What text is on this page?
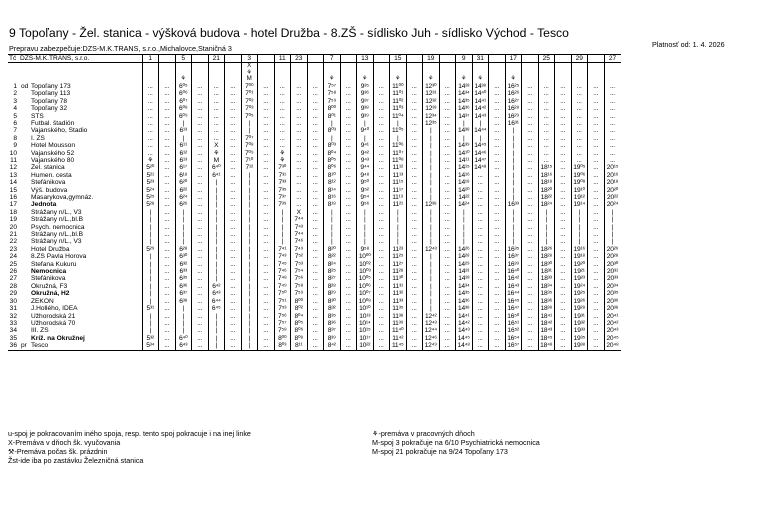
9 Topoľany - Žel. stanica - výšková budova - hotel Družba - 8.ZŠ - sídlisko Juh - sídlisko Východ - Tesco
Prepravu zabezpečuje:DZS-M.K.TRANS, s.r.o.,Michalovce,Staničná 3	Platnosť od: 1. 4. 2026
Tč	DZS-M.K.TRANS, s.r.o.		1		5		21		3		11	23		7		13		15		19		9	31		17		25		29		27
					⚘				X
⚘
M					⚘		⚘		⚘		⚘		⚘	⚘		⚘						
1	od	Topoľany 173	...	...	6⁰⁵	...	...	...	7⁰⁰	...	...	...	...	7⁵⁷	...	9³⁵	...	11⁰⁰	...	12³⁰	...	14³³	14³⁸	...	16²⁵	...	...	...	...	...	...
2		Topoľany 113	...	...	6⁰⁶	...	...	...	7⁰¹	...	...	...	...	7⁵⁸	...	9³⁶	...	11⁰¹	...	12³¹	...	14³⁴	14⁴⁰	...	16²⁶	...	...	...	...	...	...
3		Topoľany 78	...	...	6⁰⁷	...	...	...	7⁰²	...	...	...	...	7⁵⁹	...	9³⁷	...	11⁰²	...	12³²	...	14³⁵	14⁴¹	...	16²⁷	...	...	...	...	...	...
4		Topoľany 32	...	...	6⁰⁸	...	...	...	7⁰³	...	...	...	...	8⁰⁰	...	9³⁸	...	11⁰³	...	12³³	...	14³⁶	14⁴²	...	16²⁸	...	...	...	...	...	...
5		STS	...	...	6⁰⁹	...	...	...	7⁰⁵	...	...	...	...	8⁰¹	...	9³⁹	...	11⁰⁴	...	12³⁴	...	14³⁷	14⁴³	...	16²⁹	...	...	...	...	...	...
6		Futbal. štadión	...	...	|	...	...	...	|	...	...	...	...	|	...	|	...	|	...	12³⁵	...	|	|	...	16³¹	...	...	...	...	...	...
7		Vajanského, Stadio	...	...	6¹³	...	...	...	|	...	...	...	...	8⁰³	...	9⁴⁰	...	11⁰⁵	...	|	...	14³⁸	14⁴⁴	...	|	...	...	...	...	...	...
8		I. ZŠ	...	...	|	...	...	...	7⁰⁷	...	...	...	...	|	...	|	...	|	...	|	...	|	|	...	|	...	...	...	...	...	...
9		Hotel Mousson	...	...	6¹¹	...	X	...	7⁰⁸	...	...	...	...	8⁰³	...	9⁴¹	...	11⁰⁶	...	|	...	14³⁹	14⁴⁵	...	|	...	...	...	...	...	...
10		Vajanského 52	...	...	6¹²	...	⚘	...	7⁰⁹	...	⚘	...	...	8⁰⁴	...	9⁴²	...	11⁰⁷	...	|	...	14¹⁰	14⁴⁶	...	|	...	...	...	...	...	...
11		Vajanského 80	⚘	...	6¹³	...	M	...	7¹⁰	...	⚘	...	...	8⁰⁵	...	9⁴³	...	11⁰⁸	...	|	...	14¹¹	14⁴⁷	...	|	...	...	...	...	...	...
12		Žel. stanica	5²⁰	...	6¹⁷	...	6⁴⁰	...	7¹²	...	7³⁰	...	...	8⁰⁶	...	9⁴⁴	...	11¹²	...	|	...	14¹⁵	14⁴⁸	...	|	...	18¹⁵	...	19⁰⁵	...	20¹⁵
13		Humen. cesta	5²¹	...	6¹⁸	...	6⁴¹	...	|	...	7³¹	...	...	8¹⁰	...	9⁴⁸	...	11¹³	...	|	...	14¹⁶	...	...	|	...	18¹⁶	...	19⁰⁶	...	20¹⁶
14		Štefánikova	5²³	...	6²⁰	...	|	...	|	...	7³³	...	...	8¹²	...	9⁵⁰	...	11¹⁵	...	|	...	14¹⁸	...	...	|	...	18¹⁸	...	19⁰⁸	...	20¹⁸
15		Výš. budova	5²⁴	...	6²²	...	|	...	|	...	7³⁵	...	...	8¹⁴	...	9⁵²	...	11¹⁷	...	|	...	14²⁰	...	...	|	...	18²⁰	...	19¹⁰	...	20²⁰
16		Masarykova,gymnáz.	5²⁵	...	6²⁴	...	|	...	|	...	7³⁷	...	...	8¹⁶	...	9⁵⁴	...	11¹⁹	...	|	...	14²²	...	...	|	...	18²²	...	19¹²	...	20²²
17		Jednota	5²⁸	...	6²⁶	...	|	...	|	...	7³⁹	...	...	8¹⁸	...	9⁵⁶	...	11²¹	...	12³⁸	...	14²⁴	...	...	16³³	...	18²⁴	...	19¹⁴	...	20²⁴
18		Strážany n/L., V3	|	...	|	...	|	...	|	...	|	X	...	|	...	|	...	|	...	|	...	|	...	...	|	...	|	...	|	...	|
19		Strážany n/L.,bl.B	|	...	|	...	|	...	|	...	|	7⁴⁴	...	|	...	|	...	|	...	|	...	|	...	...	|	...	|	...	|	...	|
20		Psych. nemocnica	|	...	|	...	|	...	|	...	|	7⁴³	...	|	...	|	...	|	...	|	...	|	...	...	|	...	|	...	|	...	|
21		Strážany n/L.,bl.B	|	...	|	...	|	...	|	...	|	7⁴⁴	...	|	...	|	...	|	...	|	...	|	...	...	|	...	|	...	|	...	|
22		Strážany n/L., V3	|	...	|	...	|	...	|	...	|	7⁴⁶	...	|	...	|	...	|	...	|	...	|	...	...	|	...	|	...	|	...	|
23		Hotel Družba	5²⁹	...	6²⁸	...	|	...	|	...	7⁴¹	7⁴⁹	...	8²⁰	...	9⁵⁸	...	11²³	...	12⁴³	...	14²⁶	...	...	16³⁵	...	18²⁶	...	19¹⁶	...	20²⁶
24		8.ZŠ Pavla Horova	|	...	6³⁰	...	|	...	|	...	7⁴³	7⁵²	...	8²²	...	10⁰⁰	...	11²⁵	...	|	...	14²⁸	...	...	16³⁷	...	18²⁸	...	19¹⁸	...	20²⁸
25		Štefana Kukuru	|	...	6³²	...	|	...	|	...	7⁴⁵	7⁵³	...	8²⁴	...	10⁰²	...	11²⁷	...	|	...	14²⁹	...	...	16³⁹	...	18³⁰	...	19²⁰	...	20³⁰
26		Nemocnica	|	...	6³³	...	|	...	|	...	7⁴⁶	7⁵⁴	...	8²⁵	...	10⁰³	...	11²⁸	...	|	...	14³¹	...	...	16⁴⁰	...	18³¹	...	19²¹	...	20³¹
27		Štefánikova	|	...	6³⁵	...	|	...	|	...	7⁴⁸	7⁵⁶	...	8²⁷	...	10⁰⁵	...	11³⁰	...	|	...	14³³	...	...	16⁴²	...	18³³	...	19²³	...	20³³
28		Okružná, F3	|	...	6³⁶	...	6⁴²	...	|	...	7⁴⁹	7⁵⁸	...	8²⁸	...	10⁰⁶	...	11³¹	...	|	...	14³⁴	...	...	16⁴³	...	18³⁴	...	19²⁴	...	20³⁴
29		Okružná, H2	|	...	6³⁷	...	6⁴³	...	|	...	7⁵⁰	7⁵⁹	...	8²⁹	...	10⁰⁷	...	11³²	...	|	...	14³⁵	...	...	16⁴⁴	...	18³⁵	...	19²⁵	...	20³⁵
30		ZEKON	|	...	6³⁸	...	6⁴⁴	...	|	...	7⁵¹	8⁰⁰	...	8³⁰	...	10⁰⁸	...	11³³	...	|	...	14³⁶	...	...	16⁴⁵	...	18³⁶	...	19²⁶	...	20³⁶
31		J.Hollého, IDEA	5³¹	...	|	...	6⁴⁵	...	|	...	7⁵³	8⁰²	...	8³²	...	10¹⁰	...	11³⁵	...	|	...	14³⁸	...	...	16⁴⁷	...	18³⁸	...	19²⁸	...	20³⁸
32		Užhorodská 21	|	...	|	...	|	...	|	...	7⁵⁶	8⁰⁴	...	8³⁵	...	10¹³	...	11³⁸	...	12⁴²	...	14⁴¹	...	...	16⁵⁰	...	18⁴¹	...	19³¹	...	20⁴¹
33		Užhorodská 70	|	...	|	...	|	...	|	...	7⁵⁷	8⁰⁵	...	8³⁶	...	10¹⁴	...	11³⁹	...	12⁴³	...	14⁴²	...	...	16⁵¹	...	18⁴²	...	19³²	...	20⁴²
34		III. ZŠ	|	...	|	...	|	...	|	...	7⁵⁸	8⁰⁶	...	8³⁷	...	10¹⁵	...	11⁴⁰	...	12⁴⁴	...	14⁴³	...	...	16⁵²	...	18⁴³	...	19³³	...	20⁴³
35		Kríž. na Okružnej	5³²	...	6⁴⁰	...	|	...	|	...	8⁰⁰	8⁰⁸	...	8³⁹	...	10¹⁷	...	11⁴²	...	12⁴⁶	...	14⁴⁵	...	...	16⁵⁴	...	18⁴⁵	...	19³⁵	...	20⁴⁵
36	pr	Tesco	5³⁴	...	6⁴³	...	|	...	|	...	8⁰³	8¹¹	...	8⁴²	...	10²²	...	11⁴⁵	...	12⁴⁹	...	14⁴⁸	...	...	16⁵⁷	...	18⁴⁸	...	19³⁸	...	20⁴⁸
u-spoj je pokracovaním iného spoja, resp. tento spoj pokracuje i na inej linke
X-Premáva v dňoch šk. vyučovania
⚒-Premáva počas šk. prázdnin
Žst-ide iba po zastávku Železničná stanica
⚘-premáva v pracovných dňoch
M-spoj 3 pokračuje na 6/10 Psychiatrická nemocnica
M-spoj 21 pokračuje na 9/24 Topoľany 173
